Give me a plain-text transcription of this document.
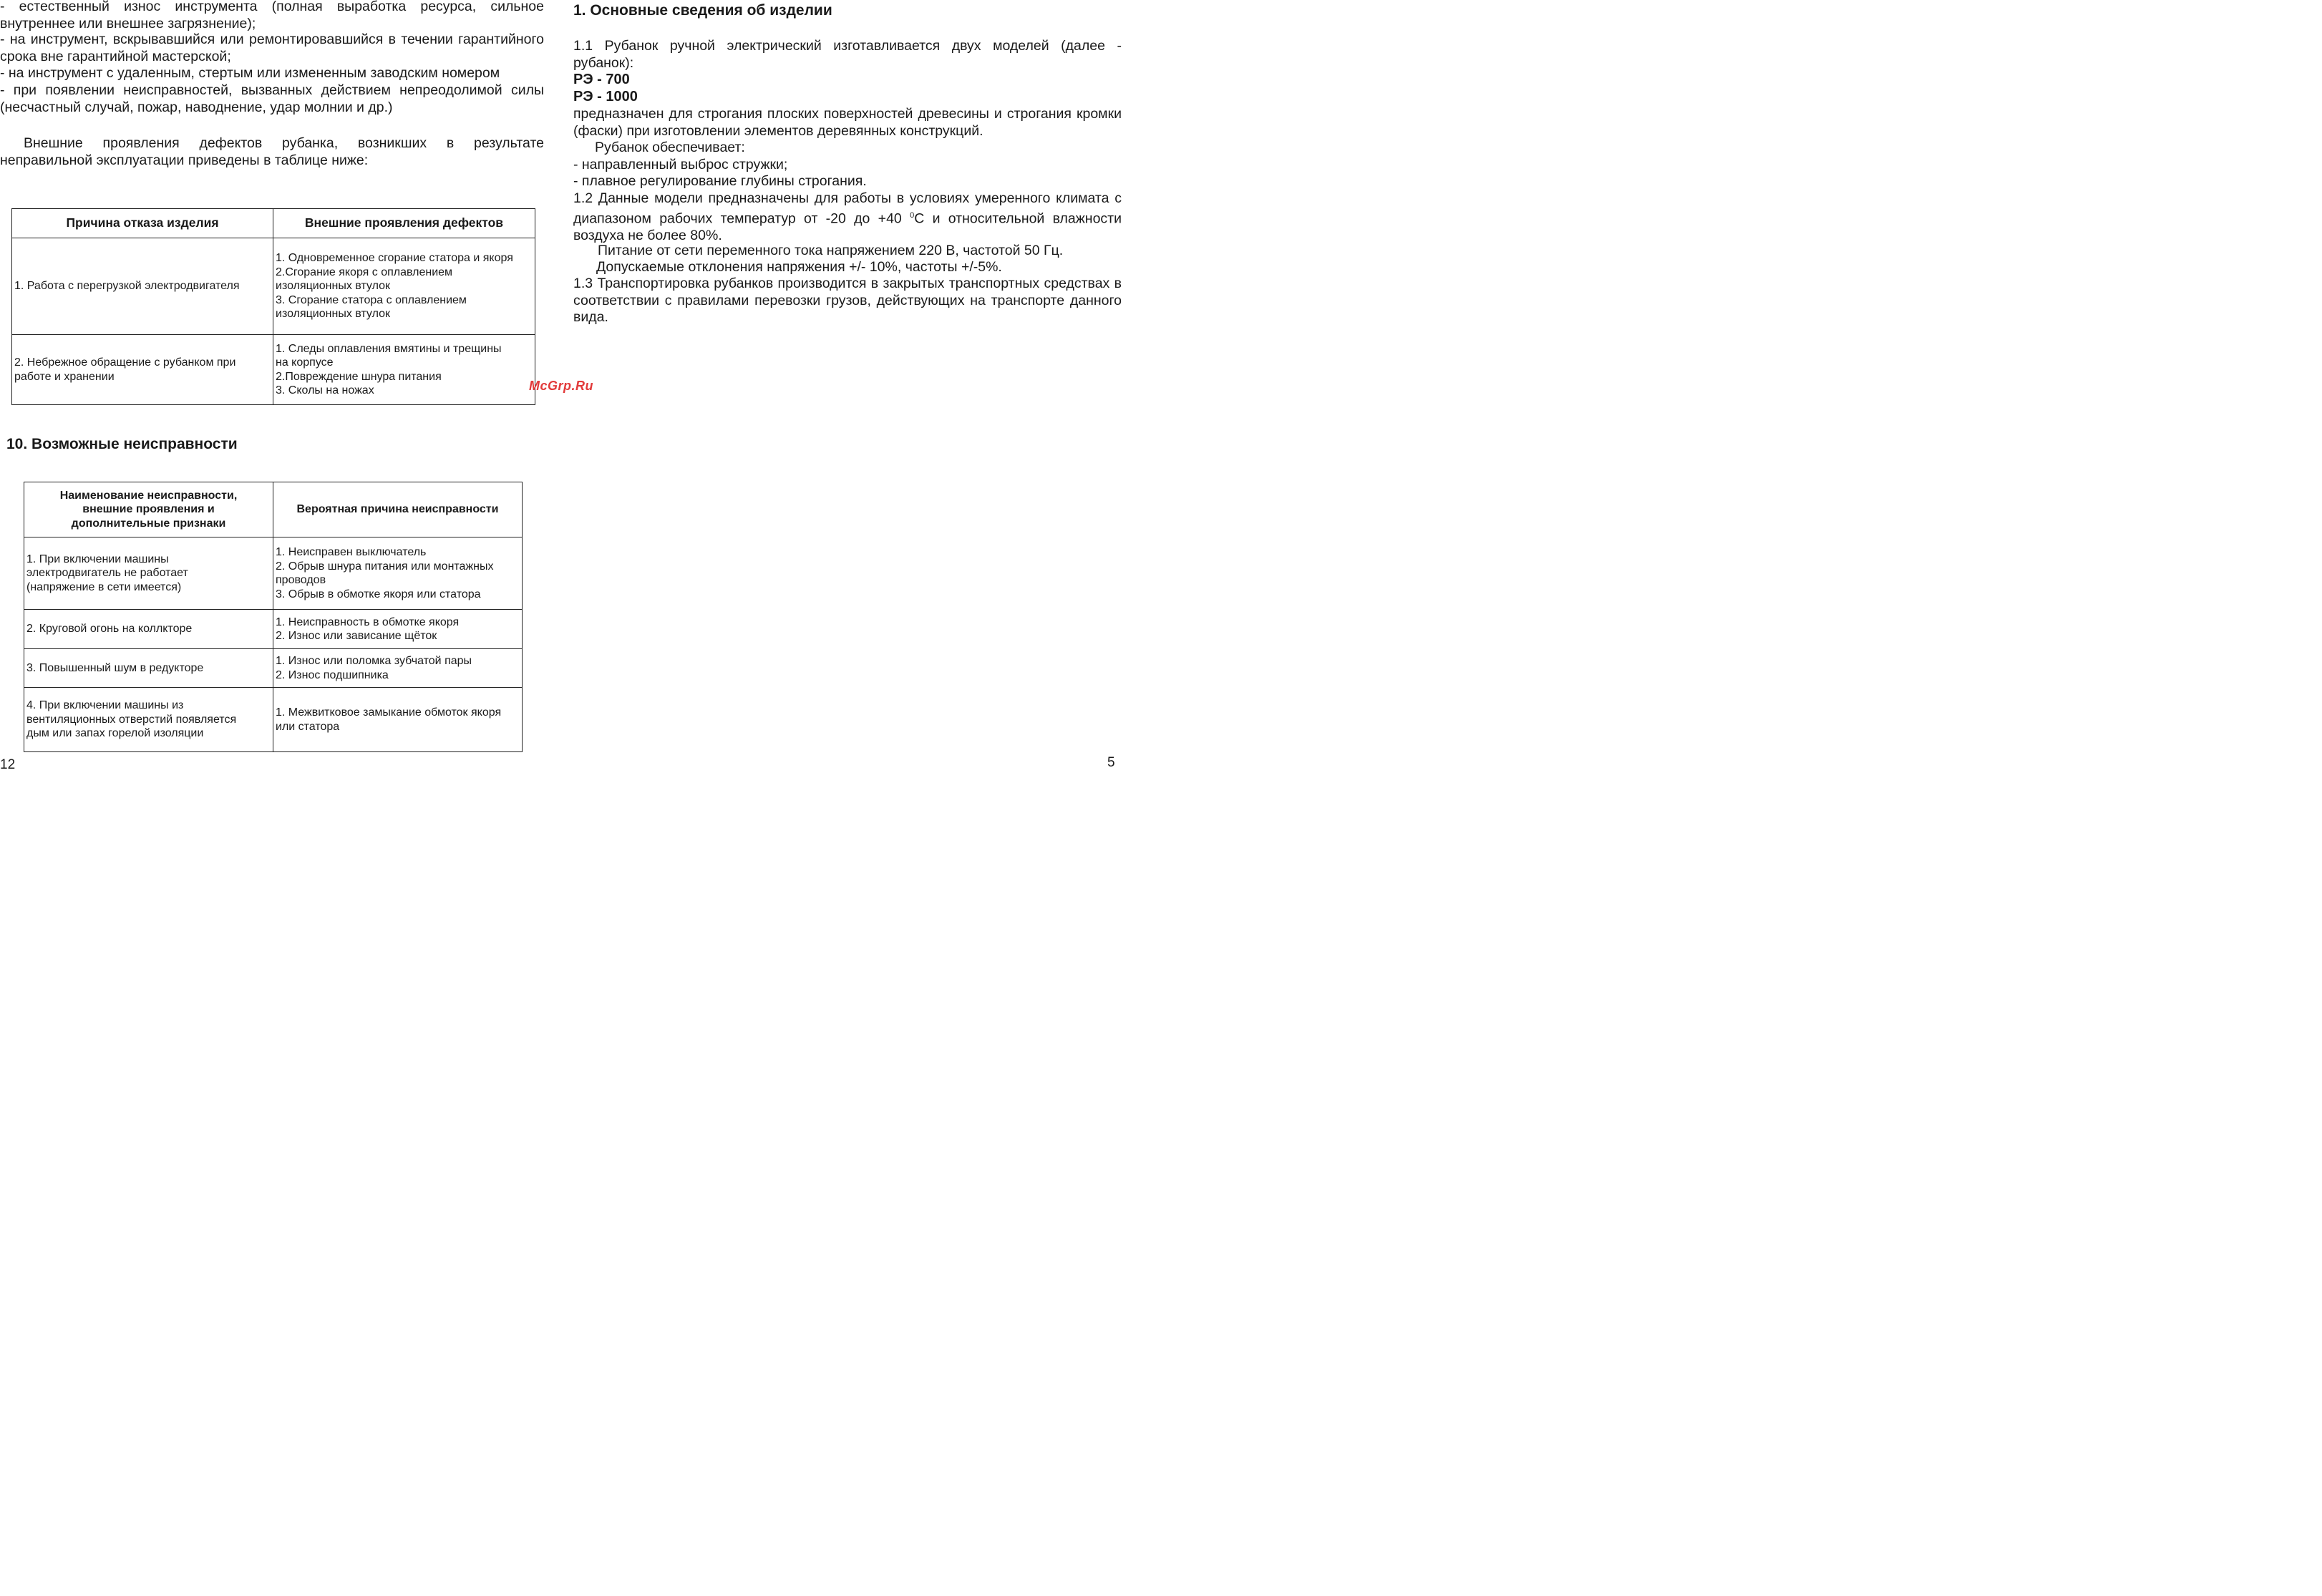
- естественный износ инструмента (полная выработка ресурса, сильное внутреннее или внешнее загрязнение);

- на инструмент, вскрывавшийся или ремонтировавшийся в течении гарантийного срока вне гарантийной мастерской;

- на инструмент с удаленным, стертым или измененным заводским номером

- при появлении неисправностей, вызванных действием непреодолимой силы (несчастный случай, пожар, наводнение, удар молнии и др.)

Внешние проявления дефектов рубанка, возникших в результате неправильной эксплуатации приведены в таблице ниже:

Причина отказа изделия	Внешние проявления дефектов
1. Работа с перегрузкой электродвигателя	1. Одновременное сгорание статора и якоря
2.Сгорание якоря с оплавлением
изоляционных втулок
3. Сгорание статора с оплавлением
изоляционных втулок

2. Небрежное обращение с рубанком при
работе и хранении	1. Следы оплавления вмятины и трещины
на корпусе
2.Повреждение шнура питания
3. Сколы на ножах	McGrp.Ru
10. Возможные неисправности
Наименование неисправности,
внешние проявления и
дополнительные признаки	Вероятная причина неисправности

1. При включении машины
электродвигатель не работает
(напряжение в сети имеется)	1. Неисправен выключатель
2. Обрыв шнура питания или монтажных
проводов
3. Обрыв в обмотке якоря или статора

2. Круговой огонь на коллкторе	1. Неисправность в обмотке якоря
2. Износ или зависание щёток

3. Повышенный шум в редукторе	1. Износ или поломка зубчатой пары
2. Износ подшипника

4. При включении машины из
вентиляционных отверстий появляется
дым или запах горелой изоляции	1. Межвитковое замыкание обмоток якоря
или статора
12
1. Основные сведения об изделии

1.1 Рубанок ручной электрический изготавливается двух моделей (далее - рубанок):

РЭ - 700

РЭ - 1000

предназначен для строгания плоских поверхностей древесины и строгания кромки (фаски) при изготовлении элементов деревянных конструкций.

Рубанок обеспечивает:

- направленный выброс стружки;

- плавное регулирование глубины строгания.

1.2 Данные модели предназначены для работы в условиях умеренного климата с диапазоном рабочих температур от -20 до +40 $^0$С и относительной влажности воздуха не более 80%.

Питание от сети переменного тока напряжением 220 В, частотой 50 Гц.

Допускаемые отклонения напряжения +/- 10%, частоты +/-5%.

1.3 Транспортировка рубанков производится в закрытых транспортных средствах в соответствии с правилами перевозки грузов, действующих на транспорте данного вида.

5
